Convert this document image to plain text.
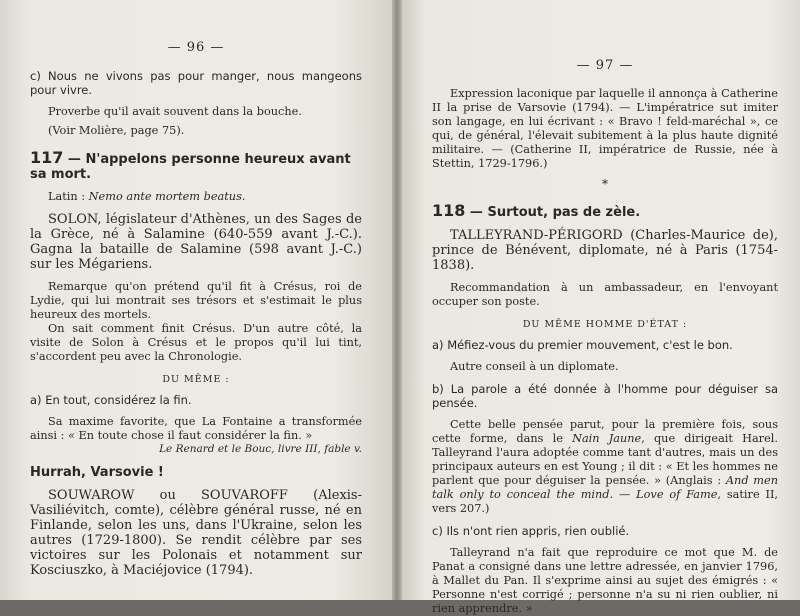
— 96 —

c) Nous ne vivons pas pour manger, nous mangeons pour vivre.

Proverbe qu'il avait souvent dans la bouche.

(Voir Molière, page 75).

117 — N'appelons personne heureux avant sa mort.

Latin : Nemo ante mortem beatus.

SOLON, législateur d'Athènes, un des Sages de la Grèce, né à Salamine (640-559 avant J.-C.). Gagna la bataille de Salamine (598 avant J.-C.) sur les Mégariens.

Remarque qu'on prétend qu'il fit à Crésus, roi de Lydie, qui lui montrait ses trésors et s'estimait le plus heureux des mortels.

On sait comment finit Crésus. D'un autre côté, la visite de Solon à Crésus et le propos qu'il lui tint, s'accordent peu avec la Chronologie.

DU MÊME :

a) En tout, considérez la fin.

Sa maxime favorite, que La Fontaine a transformée ainsi : « En toute chose il faut considérer la fin. »

Le Renard et le Bouc, livre III, fable v.
Hurrah, Varsovie !

SOUWAROW ou SOUVAROFF (Alexis-Vasiliévitch, comte), célèbre général russe, né en Finlande, selon les uns, dans l'Ukraine, selon les autres (1729-1800). Se rendit célèbre par ses victoires sur les Polonais et notamment sur Kosciuszko, à Maciéjovice (1794).

— 97 —

Expression laconique par laquelle il annonça à Catherine II la prise de Varsovie (1794). — L'impératrice sut imiter son langage, en lui écrivant : « Bravo ! feld-maréchal », ce qui, de général, l'élevait subitement à la plus haute dignité militaire. — (Catherine II, impératrice de Russie, née à Stettin, 1729-1796.)

*
118 — Surtout, pas de zèle.

TALLEYRAND-PÉRIGORD (Charles-Maurice de), prince de Bénévent, diplomate, né à Paris (1754-1838).

Recommandation à un ambassadeur, en l'envoyant occuper son poste.

DU MÊME HOMME D'ÉTAT :

a) Méfiez-vous du premier mouvement, c'est le bon.

Autre conseil à un diplomate.

b) La parole a été donnée à l'homme pour déguiser sa pensée.

Cette belle pensée parut, pour la première fois, sous cette forme, dans le Nain Jaune, que dirigeait Harel. Talleyrand l'aura adoptée comme tant d'autres, mais un des principaux auteurs en est Young ; il dit : « Et les hommes ne parlent que pour déguiser la pensée. » (Anglais : And men talk only to conceal the mind. — Love of Fame, satire II, vers 207.)

c) Ils n'ont rien appris, rien oublié.

Talleyrand n'a fait que reproduire ce mot que M. de Panat a consigné dans une lettre adressée, en janvier 1796, à Mallet du Pan. Il s'exprime ainsi au sujet des émigrés : « Personne n'est corrigé ; personne n'a su ni rien oublier, ni rien apprendre. »
